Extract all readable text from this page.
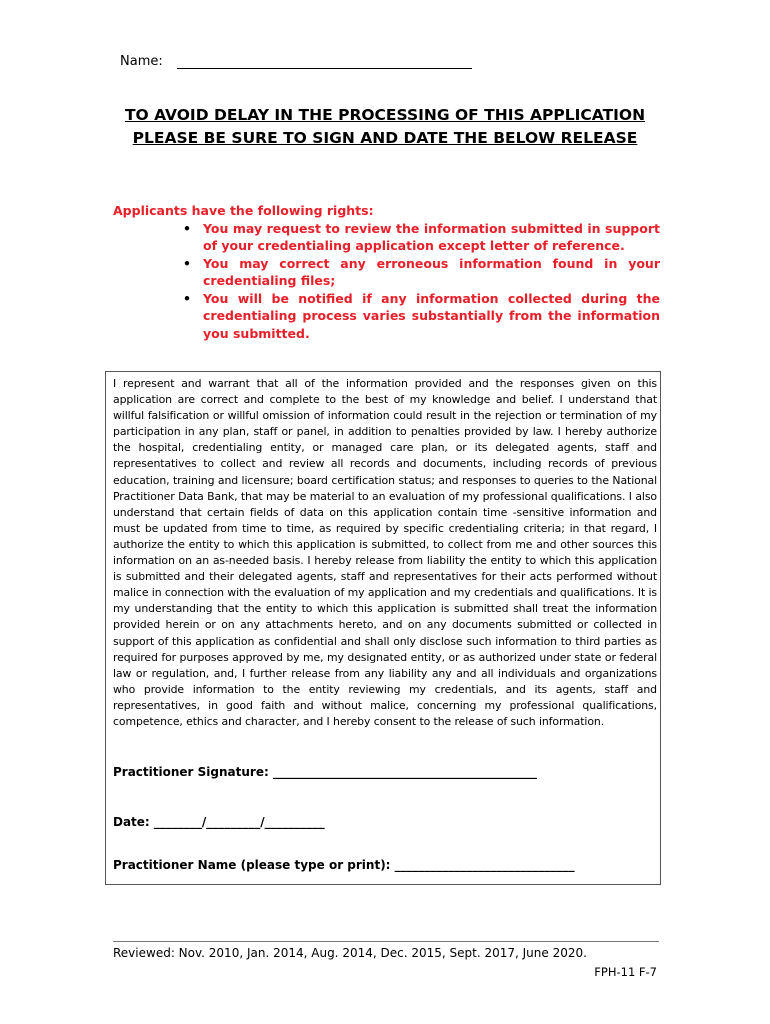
Name:
TO AVOID DELAY IN THE PROCESSING OF THIS APPLICATION PLEASE BE SURE TO SIGN AND DATE THE BELOW RELEASE
Applicants have the following rights:
• You may request to review the information submitted in support of your credentialing application except letter of reference.
• You may correct any erroneous information found in your credentialing files;
• You will be notified if any information collected during the credentialing process varies substantially from the information you submitted.
I represent and warrant that all of the information provided and the responses given on this application are correct and complete to the best of my knowledge and belief. I understand that willful falsification or willful omission of information could result in the rejection or termination of my participation in any plan, staff or panel, in addition to penalties provided by law. I hereby authorize the hospital, credentialing entity, or managed care plan, or its delegated agents, staff and representatives to collect and review all records and documents, including records of previous education, training and licensure; board certification status; and responses to queries to the National Practitioner Data Bank, that may be material to an evaluation of my professional qualifications. I also understand that certain fields of data on this application contain time -sensitive information and must be updated from time to time, as required by specific credentialing criteria; in that regard, I authorize the entity to which this application is submitted, to collect from me and other sources this information on an as-needed basis. I hereby release from liability the entity to which this application is submitted and their delegated agents, staff and representatives for their acts performed without malice in connection with the evaluation of my application and my credentials and qualifications. It is my understanding that the entity to which this application is submitted shall treat the information provided herein or on any attachments hereto, and on any documents submitted or collected in support of this application as confidential and shall only disclose such information to third parties as required for purposes approved by me, my designated entity, or as authorized under state or federal law or regulation, and, I further release from any liability any and all individuals and organizations who provide information to the entity reviewing my credentials, and its agents, staff and representatives, in good faith and without malice, concerning my professional qualifications, competence, ethics and character, and I hereby consent to the release of such information.
Practitioner Signature: ____________________________________________
Date: ________/_________/__________
Practitioner Name (please type or print): ______________________________
Reviewed: Nov. 2010, Jan. 2014, Aug. 2014, Dec. 2015, Sept. 2017, June 2020.
FPH-11 F-7
